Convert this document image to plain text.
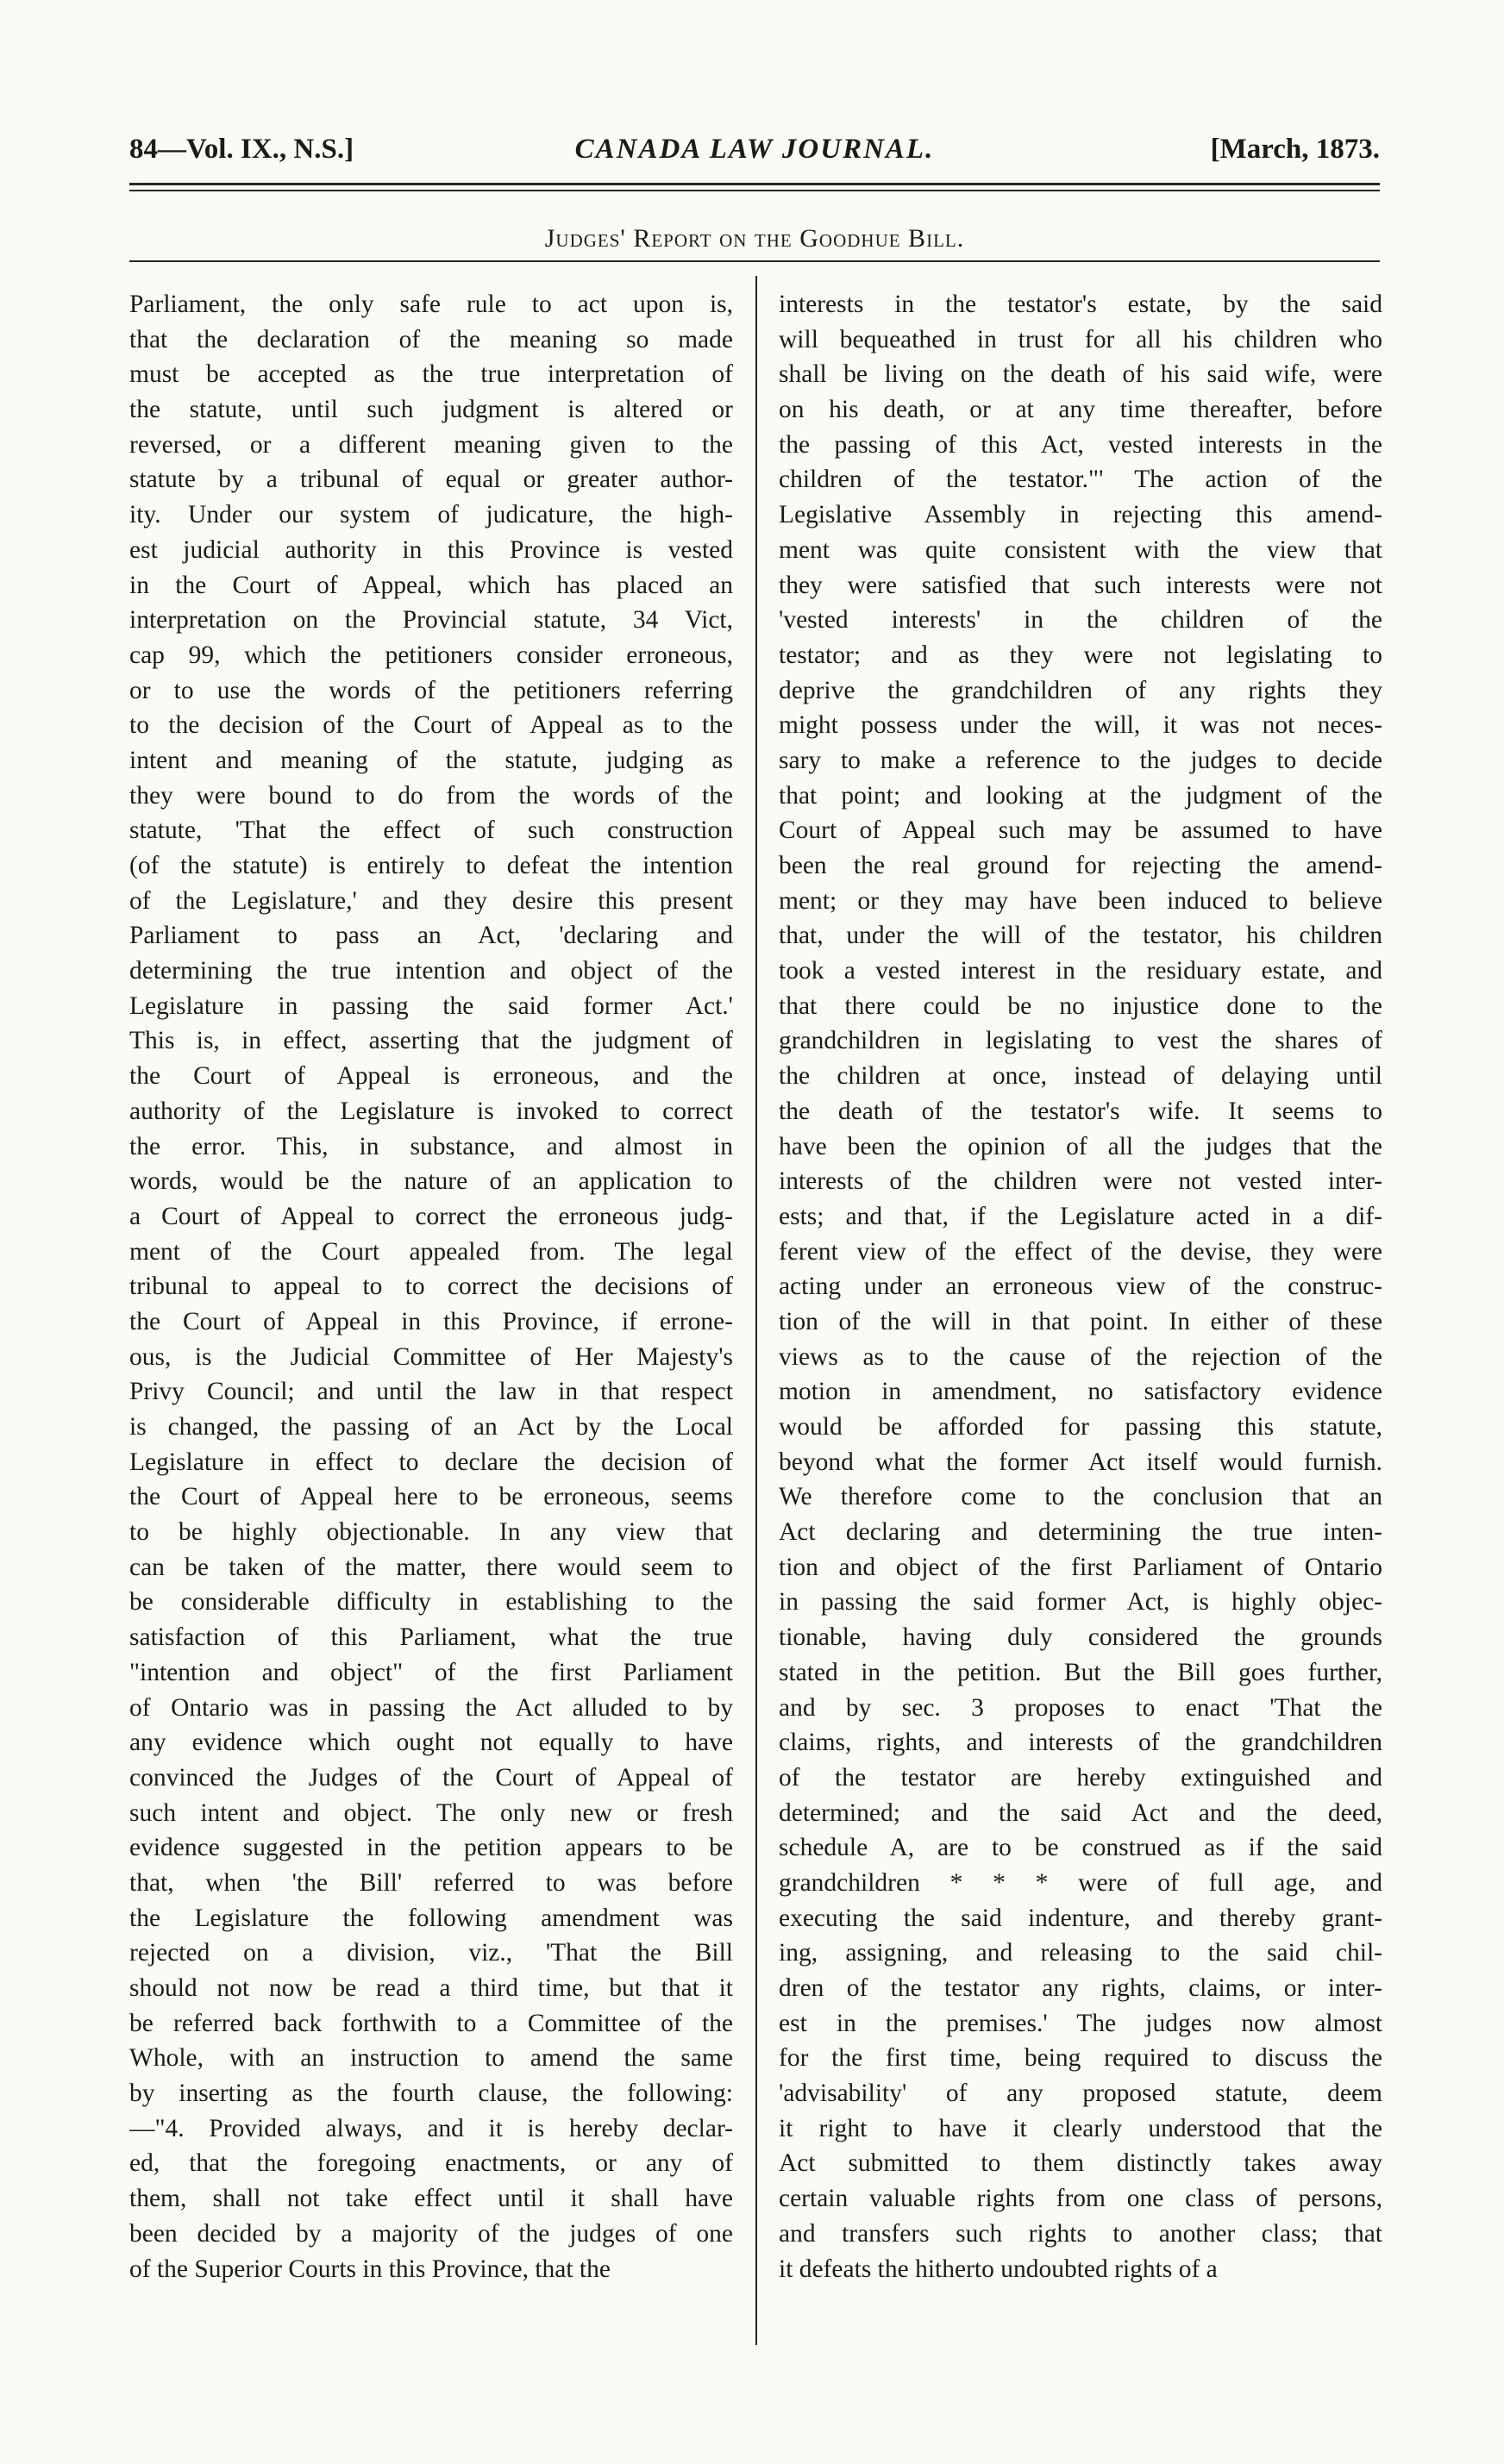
84—Vol. IX., N.S.]	CANADA LAW JOURNAL.	[March, 1873.
Judges' Report on the Goodhue Bill.
Parliament, the only safe rule to act upon is,
that the declaration of the meaning so made
must be accepted as the true interpretation of
the statute, until such judgment is altered or
reversed, or a different meaning given to the
statute by a tribunal of equal or greater author-
ity. Under our system of judicature, the high-
est judicial authority in this Province is vested
in the Court of Appeal, which has placed an
interpretation on the Provincial statute, 34 Vict,
cap 99, which the petitioners consider erroneous,
or to use the words of the petitioners referring
to the decision of the Court of Appeal as to the
intent and meaning of the statute, judging as
they were bound to do from the words of the
statute, 'That the effect of such construction
(of the statute) is entirely to defeat the intention
of the Legislature,' and they desire this present
Parliament to pass an Act, 'declaring and
determining the true intention and object of the
Legislature in passing the said former Act.'
This is, in effect, asserting that the judgment of
the Court of Appeal is erroneous, and the
authority of the Legislature is invoked to correct
the error. This, in substance, and almost in
words, would be the nature of an application to
a Court of Appeal to correct the erroneous judg-
ment of the Court appealed from. The legal
tribunal to appeal to to correct the decisions of
the Court of Appeal in this Province, if errone-
ous, is the Judicial Committee of Her Majesty's
Privy Council; and until the law in that respect
is changed, the passing of an Act by the Local
Legislature in effect to declare the decision of
the Court of Appeal here to be erroneous, seems
to be highly objectionable. In any view that
can be taken of the matter, there would seem to
be considerable difficulty in establishing to the
satisfaction of this Parliament, what the true
"intention and object" of the first Parliament
of Ontario was in passing the Act alluded to by
any evidence which ought not equally to have
convinced the Judges of the Court of Appeal of
such intent and object. The only new or fresh
evidence suggested in the petition appears to be
that, when 'the Bill' referred to was before
the Legislature the following amendment was
rejected on a division, viz., 'That the Bill
should not now be read a third time, but that it
be referred back forthwith to a Committee of the
Whole, with an instruction to amend the same
by inserting as the fourth clause, the following:
—"4. Provided always, and it is hereby declar-
ed, that the foregoing enactments, or any of
them, shall not take effect until it shall have
been decided by a majority of the judges of one
of the Superior Courts in this Province, that the
interests in the testator's estate, by the said
will bequeathed in trust for all his children who
shall be living on the death of his said wife, were
on his death, or at any time thereafter, before
the passing of this Act, vested interests in the
children of the testator."' The action of the
Legislative Assembly in rejecting this amend-
ment was quite consistent with the view that
they were satisfied that such interests were not
'vested interests' in the children of the
testator; and as they were not legislating to
deprive the grandchildren of any rights they
might possess under the will, it was not neces-
sary to make a reference to the judges to decide
that point; and looking at the judgment of the
Court of Appeal such may be assumed to have
been the real ground for rejecting the amend-
ment; or they may have been induced to believe
that, under the will of the testator, his children
took a vested interest in the residuary estate, and
that there could be no injustice done to the
grandchildren in legislating to vest the shares of
the children at once, instead of delaying until
the death of the testator's wife. It seems to
have been the opinion of all the judges that the
interests of the children were not vested inter-
ests; and that, if the Legislature acted in a dif-
ferent view of the effect of the devise, they were
acting under an erroneous view of the construc-
tion of the will in that point. In either of these
views as to the cause of the rejection of the
motion in amendment, no satisfactory evidence
would be afforded for passing this statute,
beyond what the former Act itself would furnish.
We therefore come to the conclusion that an
Act declaring and determining the true inten-
tion and object of the first Parliament of Ontario
in passing the said former Act, is highly objec-
tionable, having duly considered the grounds
stated in the petition. But the Bill goes further,
and by sec. 3 proposes to enact 'That the
claims, rights, and interests of the grandchildren
of the testator are hereby extinguished and
determined; and the said Act and the deed,
schedule A, are to be construed as if the said
grandchildren * * * were of full age, and
executing the said indenture, and thereby grant-
ing, assigning, and releasing to the said chil-
dren of the testator any rights, claims, or inter-
est in the premises.' The judges now almost
for the first time, being required to discuss the
'advisability' of any proposed statute, deem
it right to have it clearly understood that the
Act submitted to them distinctly takes away
certain valuable rights from one class of persons,
and transfers such rights to another class; that
it defeats the hitherto undoubted rights of a
